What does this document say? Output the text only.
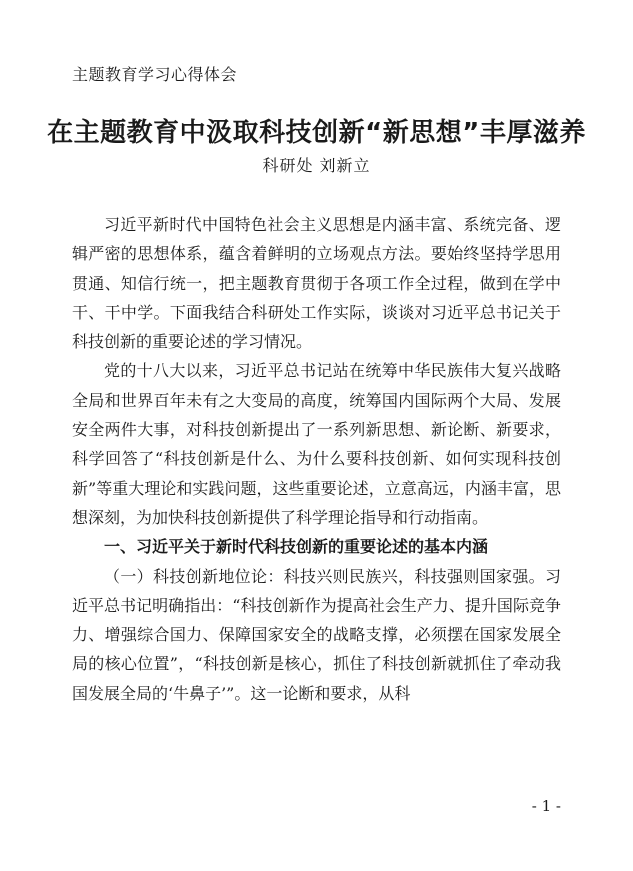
主题教育学习心得体会
在主题教育中汲取科技创新“新思想”丰厚滋养
科研处 刘新立

习近平新时代中国特色社会主义思想是内涵丰富、系统完备、逻辑严密的思想体系，蕴含着鲜明的立场观点方法。要始终坚持学思用贯通、知信行统一，把主题教育贯彻于各项工作全过程，做到在学中干、干中学。下面我结合科研处工作实际，谈谈对习近平总书记关于科技创新的重要论述的学习情况。

党的十八大以来，习近平总书记站在统筹中华民族伟大复兴战略全局和世界百年未有之大变局的高度，统筹国内国际两个大局、发展安全两件大事，对科技创新提出了一系列新思想、新论断、新要求，科学回答了“科技创新是什么、为什么要科技创新、如何实现科技创新”等重大理论和实践问题，这些重要论述，立意高远，内涵丰富，思想深刻，为加快科技创新提供了科学理论指导和行动指南。

一、习近平关于新时代科技创新的重要论述的基本内涵

（一）科技创新地位论：科技兴则民族兴，科技强则国家强。习近平总书记明确指出：“科技创新作为提高社会生产力、提升国际竞争力、增强综合国力、保障国家安全的战略支撑，必须摆在国家发展全局的核心位置”，“科技创新是核心，抓住了科技创新就抓住了牵动我国发展全局的‘牛鼻子’”。这一论断和要求，从科

- 1 -
